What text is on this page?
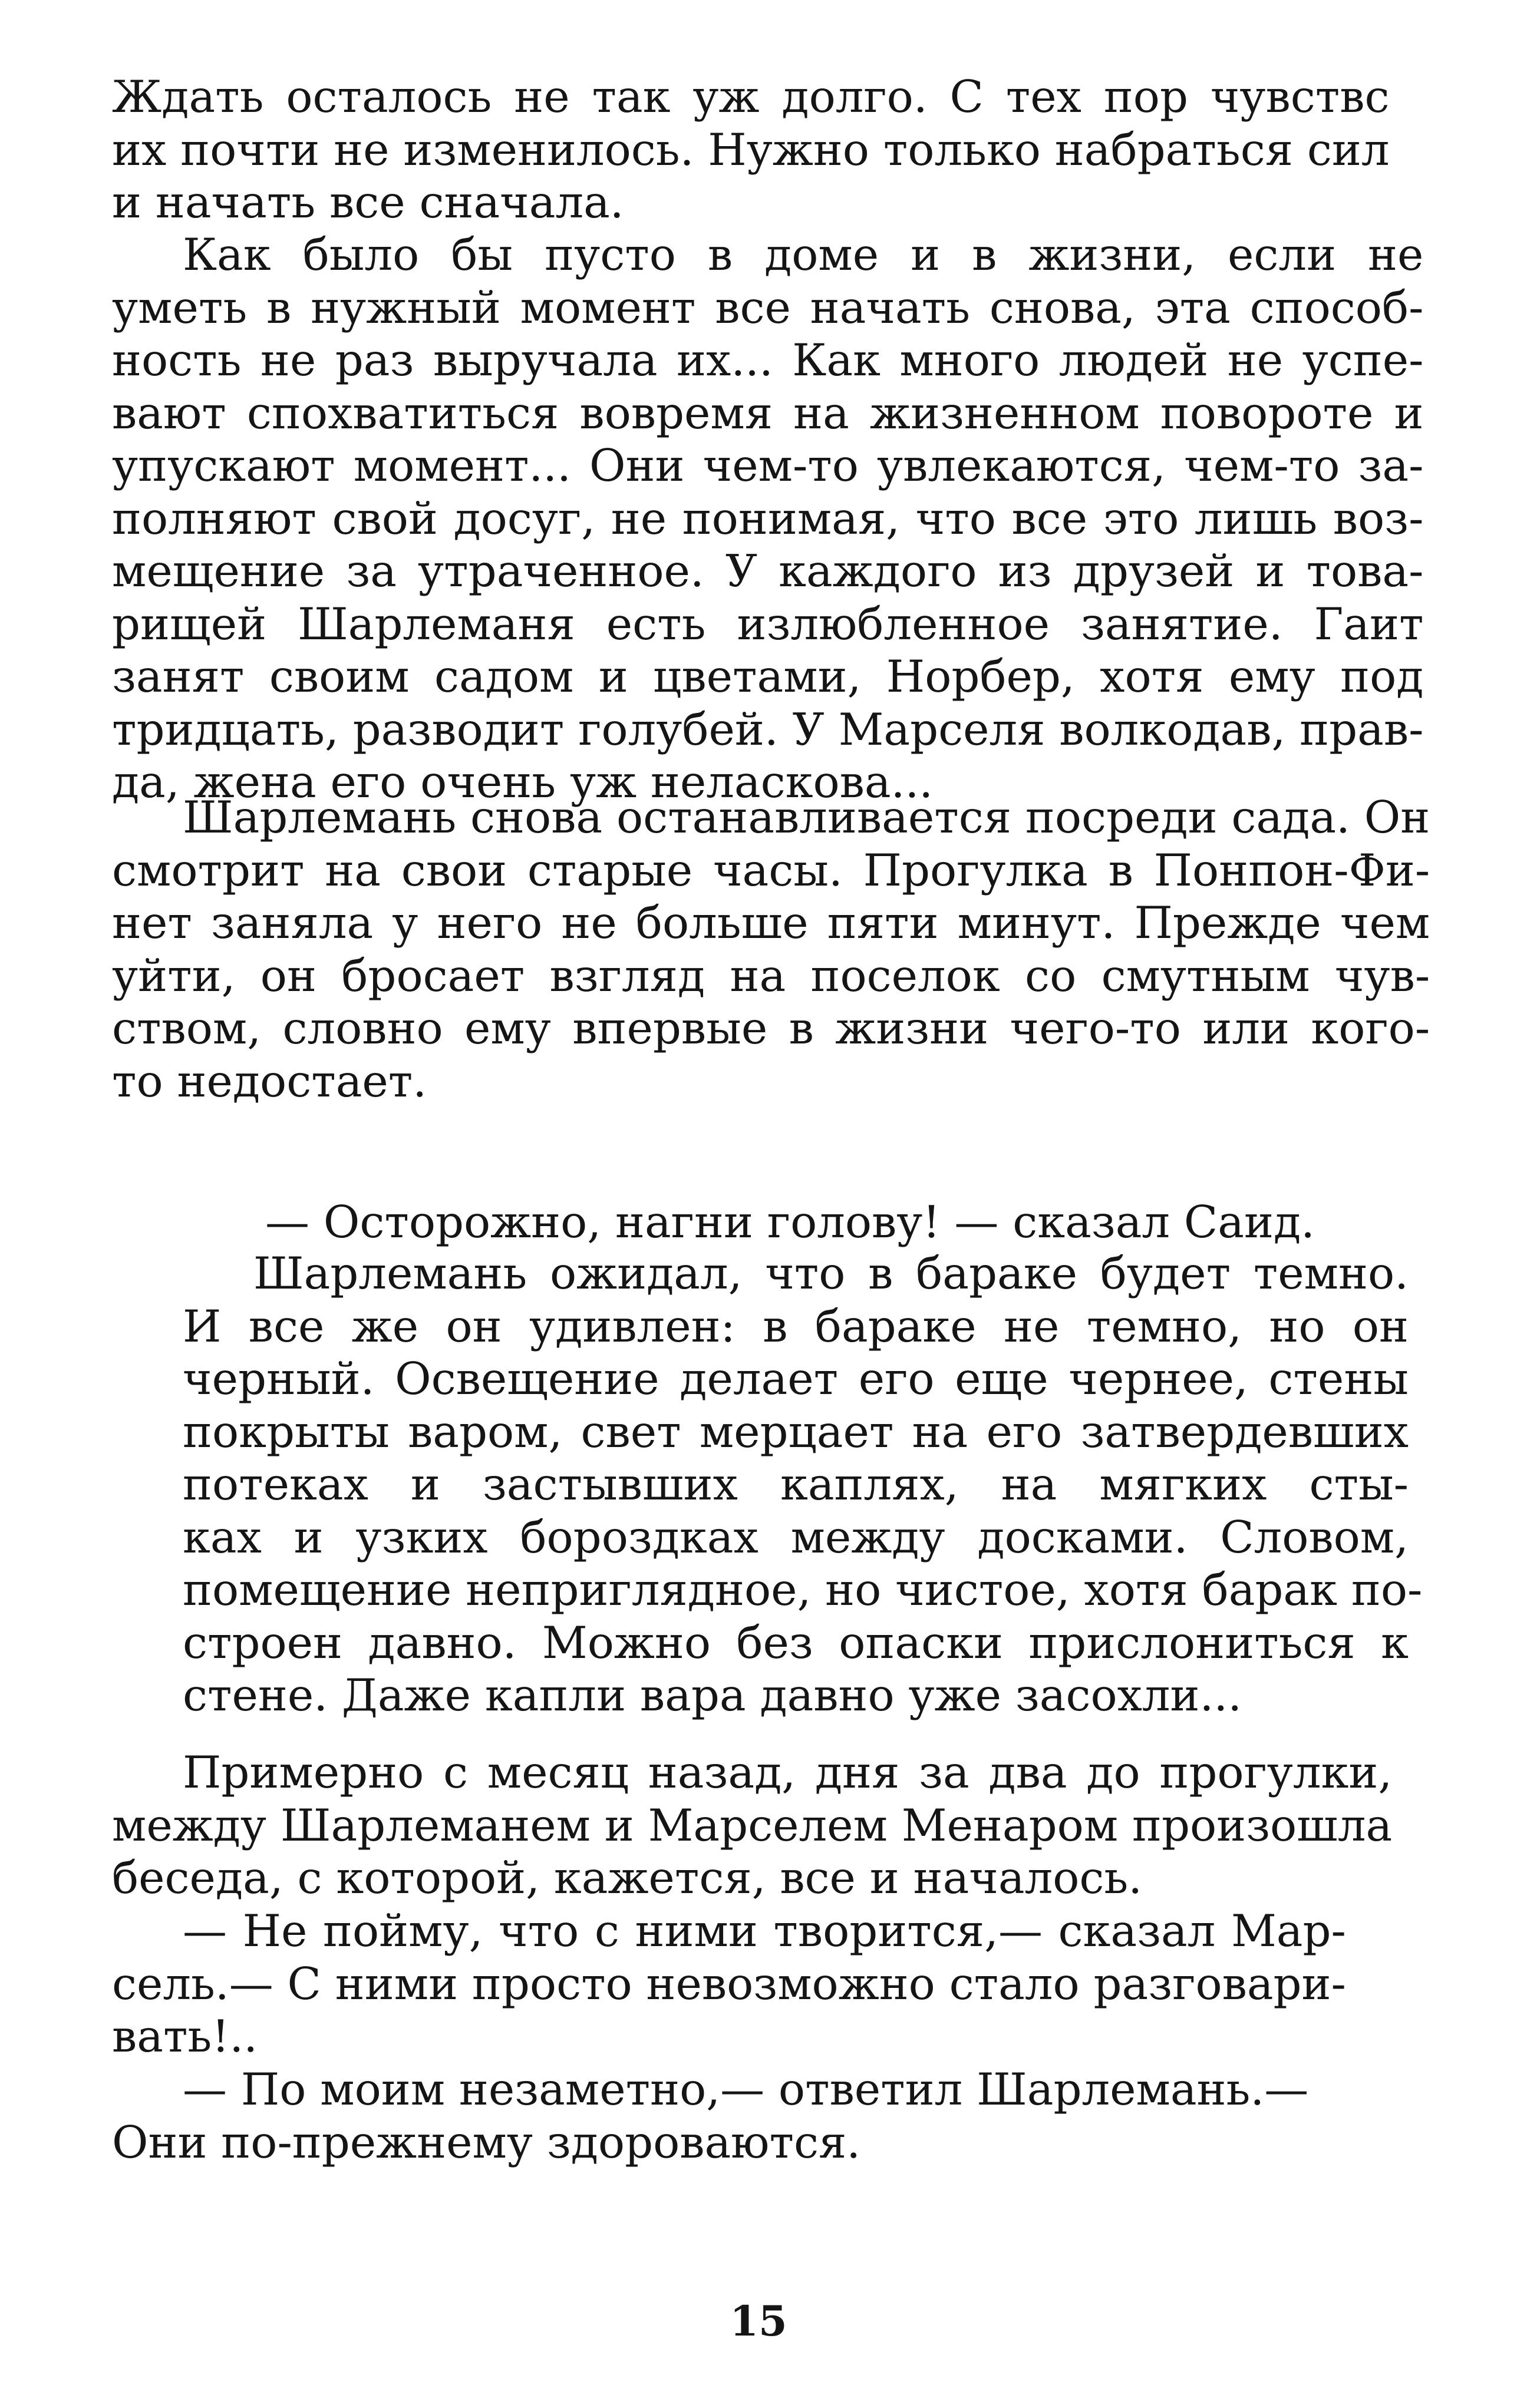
Ждать осталось не так уж долго. С тех пор чувствс

их почти не изменилось. Нужно только набраться сил

и начать все сначала.

Как было бы пусто в доме и в жизни, если не

уметь в нужный момент все начать снова, эта способ-

ность не раз выручала их... Как много людей не успе-

вают спохватиться вовремя на жизненном повороте и

упускают момент... Они чем-то увлекаются, чем-то за-

полняют свой досуг, не понимая, что все это лишь воз-

мещение за утраченное. У каждого из друзей и това-

рищей Шарлеманя есть излюбленное занятие. Гаит

занят своим садом и цветами, Норбер, хотя ему под

тридцать, разводит голубей. У Марселя волкодав, прав-

да, жена его очень уж неласкова...

Шарлемань снова останавливается посреди сада. Он

смотрит на свои старые часы. Прогулка в Понпон-Фи-

нет заняла у него не больше пяти минут. Прежде чем

уйти, он бросает взгляд на поселок со смутным чув-

ством, словно ему впервые в жизни чего-то или кого-

то недостает.

— Осторожно, нагни голову! — сказал Саид.

Шарлемань ожидал, что в бараке будет темно.

И все же он удивлен: в бараке не темно, но он

черный. Освещение делает его еще чернее, стены

покрыты варом, свет мерцает на его затвердевших

потеках и застывших каплях, на мягких сты-

ках и узких бороздках между досками. Словом,

помещение неприглядное, но чистое, хотя барак по-

строен давно. Можно без опаски прислониться к

стене. Даже капли вара давно уже засохли...

Примерно с месяц назад, дня за два до прогулки,

между Шарлеманем и Марселем Менаром произошла

беседа, с которой, кажется, все и началось.

— Не пойму, что с ними творится,— сказал Мар-

сель.— С ними просто невозможно стало разговари-

вать!..

— По моим незаметно,— ответил Шарлемань.—

Они по-прежнему здороваются.

15
